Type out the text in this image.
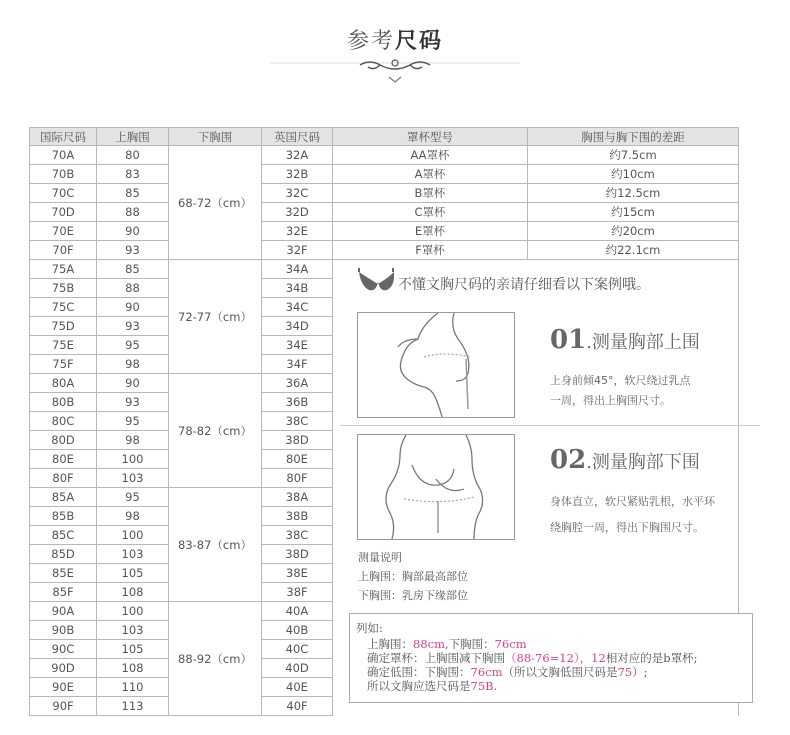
参考尺码
国际尺码	上胸围	下胸围	英国尺码	罩杯型号	胸围与胸下围的差距
70A	80	68-72（cm）	32A	AA罩杯	约7.5cm
70B	83		32B	A罩杯	约10cm
70C	85		32C	B罩杯	约12.5cm
70D	88		32D	C罩杯	约15cm
70E	90		32E	E罩杯	约20cm
70F	93		32F	F罩杯	约22.1cm
75A	85	72-77（cm）	34A		
75B	88		34B		
75C	90		34C		
75D	93		34D		
75E	95		34E		
75F	98		34F		
80A	90	78-82（cm）	36A		
80B	93		36B		
80C	95		38C		
80D	98		38D		
80E	100		80E		
80F	103		80F		
85A	95	83-87（cm）	38A		
85B	98		38B		
85C	100		38C		
85D	103		38D		
85E	105		38E		
85F	108		38F		
90A	100	88-92（cm）	40A		
90B	103		40B		
90C	105		40C		
90D	108		40D		
90E	110		40E		
90F	113		40F		
不懂文胸尺码的亲请仔细看以下案例哦。
01.测量胸部上围
上身前倾45°，软尺绕过乳点
一周，得出上胸围尺寸。
02.测量胸部下围
身体直立，软尺紧贴乳根，水平环
绕胸腔一周，得出下胸围尺寸。
测量说明
上胸围：胸部最高部位
下胸围：乳房下缘部位
列如:
上胸围：88cm,下胸围：76cm
确定罩杯：上胸围减下胸围（88-76=12），12相对应的是b罩杯;
确定低围：下胸围：76cm（所以文胸低围尺码是75）;
所以文胸应选尺码是75B.
